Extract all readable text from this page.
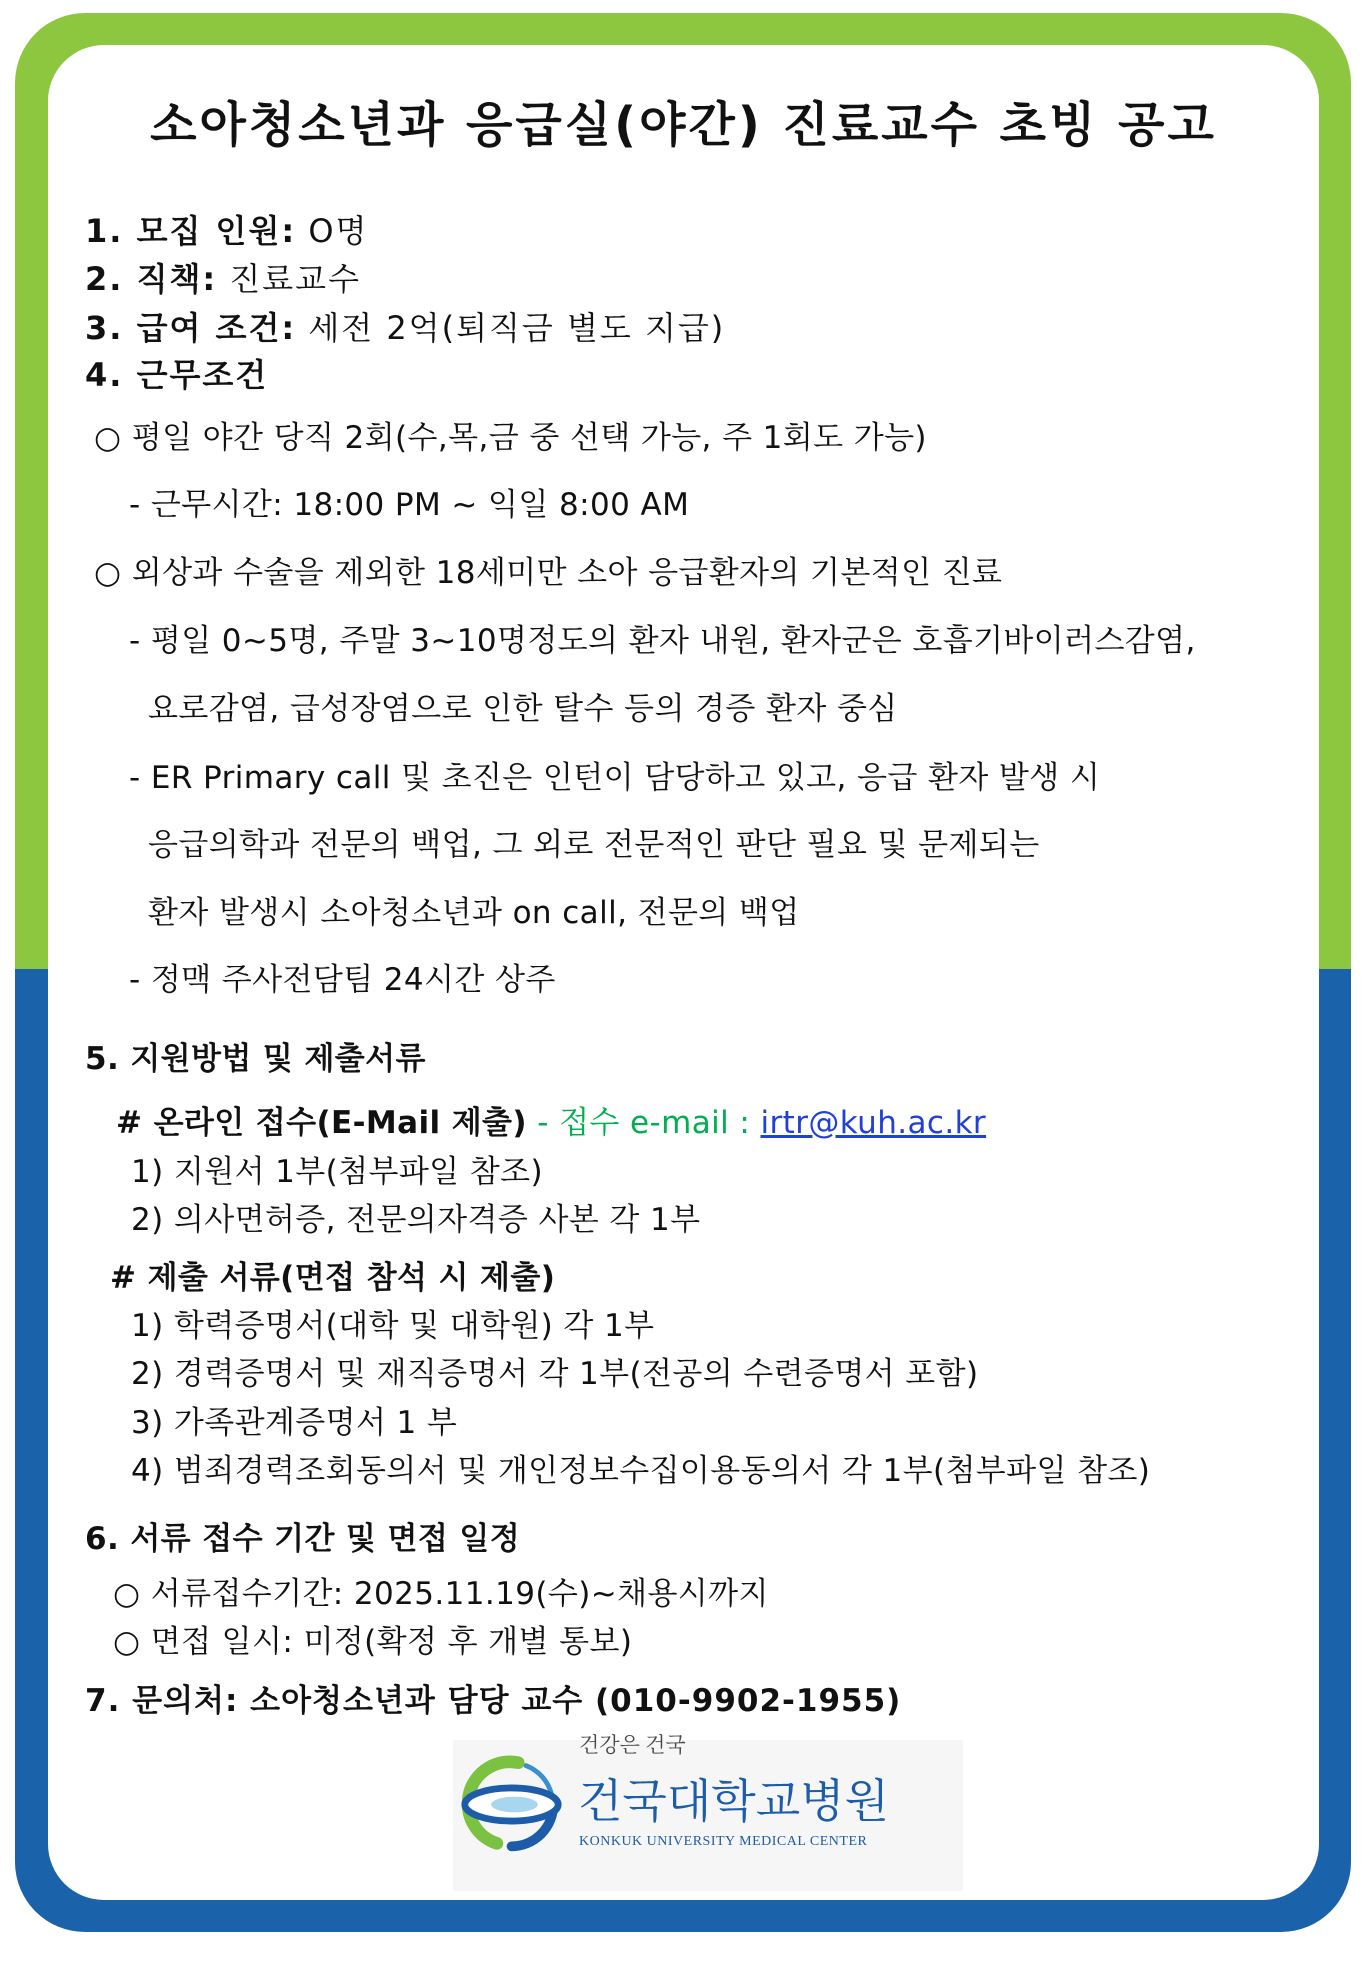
소아청소년과 응급실(야간) 진료교수 초빙 공고
1. 모집 인원: O명
2. 직책: 진료교수
3. 급여 조건: 세전 2억(퇴직금 별도 지급)
4. 근무조건
○ 평일 야간 당직 2회(수,목,금 중 선택 가능, 주 1회도 가능)
- 근무시간: 18:00 PM ~ 익일 8:00 AM
○ 외상과 수술을 제외한 18세미만 소아 응급환자의 기본적인 진료
- 평일 0~5명, 주말 3~10명정도의 환자 내원, 환자군은 호흡기바이러스감염,
요로감염, 급성장염으로 인한 탈수 등의 경증 환자 중심
- ER Primary call 및 초진은 인턴이 담당하고 있고, 응급 환자 발생 시
응급의학과 전문의 백업, 그 외로 전문적인 판단 필요 및 문제되는
환자 발생시 소아청소년과 on call, 전문의 백업
- 정맥 주사전담팀 24시간 상주
5. 지원방법 및 제출서류
# 온라인 접수(E-Mail 제출) - 접수 e-mail : irtr@kuh.ac.kr
1) 지원서 1부(첨부파일 참조)
2) 의사면허증, 전문의자격증 사본 각 1부
# 제출 서류(면접 참석 시 제출)
1) 학력증명서(대학 및 대학원) 각 1부
2) 경력증명서 및 재직증명서 각 1부(전공의 수련증명서 포함)
3) 가족관계증명서 1 부
4) 범죄경력조회동의서 및 개인정보수집이용동의서 각 1부(첨부파일 참조)
6. 서류 접수 기간 및 면접 일정
○ 서류접수기간: 2025.11.19(수)~채용시까지
○ 면접 일시: 미정(확정 후 개별 통보)
7. 문의처: 소아청소년과 담당 교수 (010-9902-1955)
건강은 건국
건국대학교병원
KONKUK UNIVERSITY MEDICAL CENTER
